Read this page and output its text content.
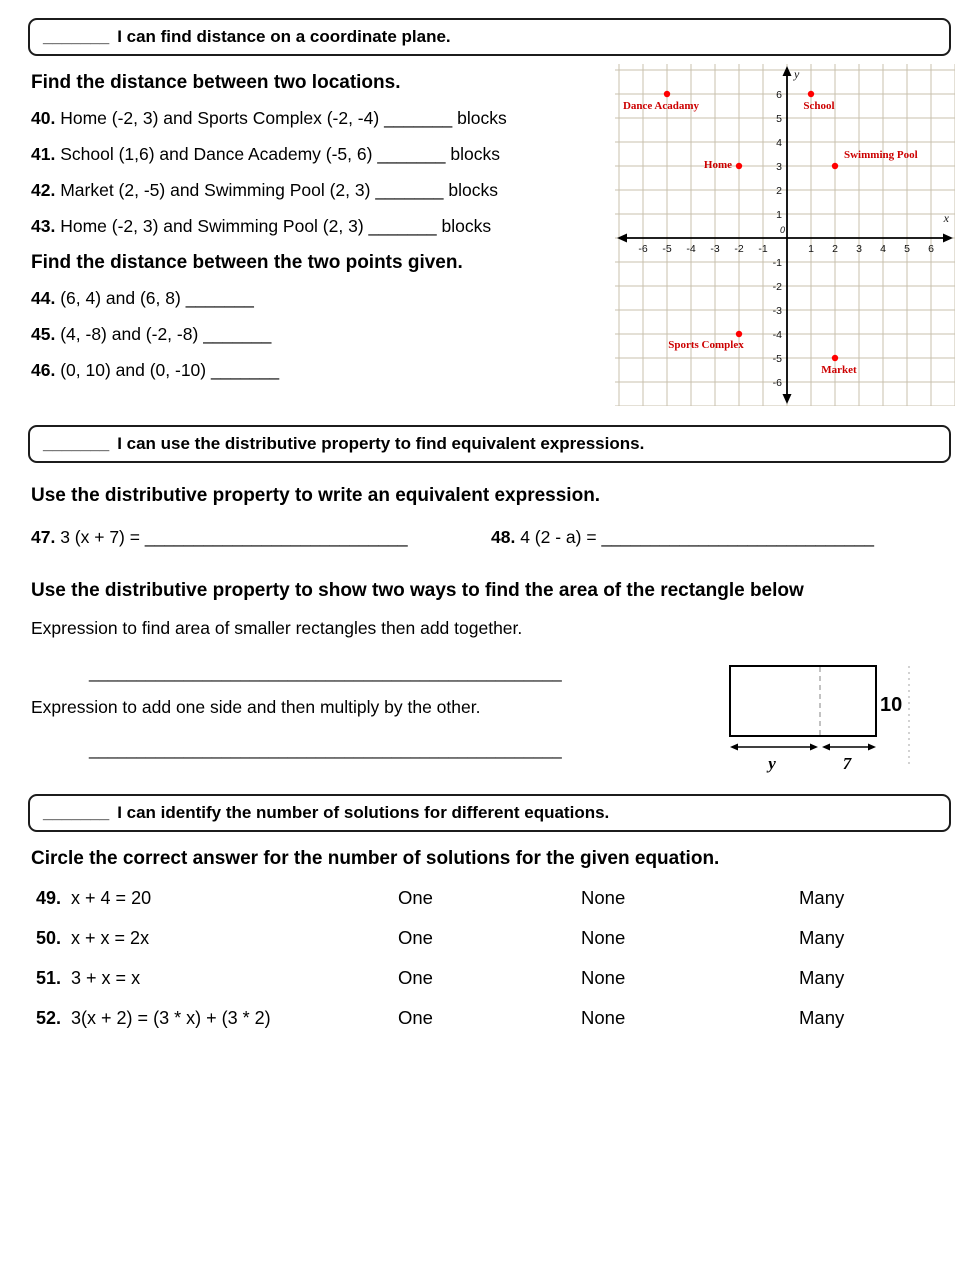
_______ I can find distance on a coordinate plane.
Find the distance between two locations.
40. Home (-2, 3) and Sports Complex (-2, -4) _______ blocks
41. School (1,6) and Dance Academy (-5, 6) _______ blocks
42. Market (2, -5) and Swimming Pool (2, 3) _______ blocks
43. Home (-2, 3) and Swimming Pool (2, 3) _______ blocks
Find the distance between the two points given.
44. (6, 4) and (6, 8) _______
45. (4, -8) and (-2, -8) _______
46. (0, 10) and (0, -10) _______
-6
-6
-5
-5
-4
-4
-3
-3
-2
-2
-1
-1
1
1
2
2
3
3
4
4
5
5
6
6
0
y
x
Dance Acadamy	School
Home
Swimming Pool
Sports Complex
Market
_______ I can use the distributive property to find equivalent expressions.
Use the distributive property to write an equivalent expression.
47. 3 (x + 7) = ___________________________	48. 4 (2 - a) = ____________________________
Use the distributive property to show two ways to find the area of the rectangle below
Expression to find area of smaller rectangles then add together.
__________________________________________________
Expression to add one side and then multiply by the other.
__________________________________________________
10
y	7
_______ I can identify the number of solutions for different equations.
Circle the correct answer for the number of solutions for the given equation.
49. x + 4 = 20	One	None	Many
50. x + x = 2x	One	None	Many
51. 3 + x = x	One	None	Many
52. 3(x + 2) = (3 * x) + (3 * 2)	One	None	Many
